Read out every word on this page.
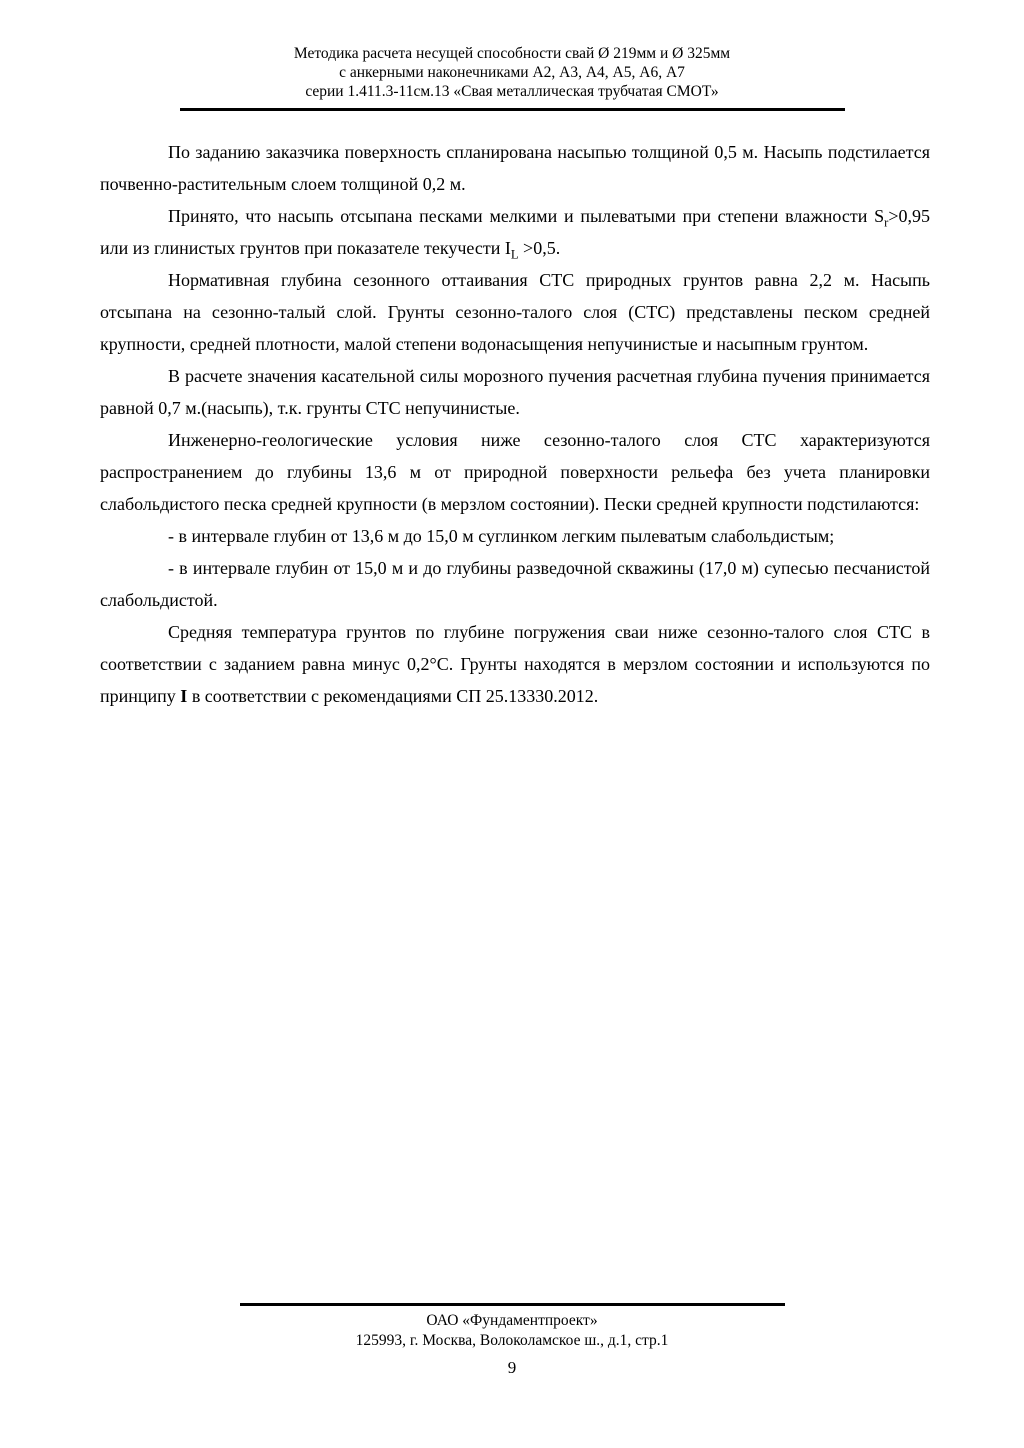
Методика расчета несущей способности свай Ø 219мм и Ø 325мм
с анкерными наконечниками А2, А3, А4, А5, А6, А7
серии 1.411.3-11см.13 «Свая металлическая трубчатая СМОТ»

По заданию заказчика поверхность спланирована насыпью толщиной 0,5 м. Насыпь подстилается почвенно-растительным слоем толщиной 0,2 м.

Принято, что насыпь отсыпана песками мелкими и пылеватыми при степени влажности $S_r>0,95$ или из глинистых грунтов при показателе текучести $I_L >0,5$.

Нормативная глубина сезонного оттаивания СТС природных грунтов равна 2,2 м. Насыпь отсыпана на сезонно-талый слой. Грунты сезонно-талого слоя (СТС) представлены песком средней крупности, средней плотности, малой степени водонасыщения непучинистые и насыпным грунтом.

В расчете значения касательной силы морозного пучения расчетная глубина пучения принимается равной 0,7 м.(насыпь), т.к. грунты СТС непучинистые.

Инженерно-геологические условия ниже сезонно-талого слоя СТС характеризуются распространением до глубины 13,6 м от природной поверхности рельефа без учета планировки слабольдистого песка средней крупности (в мерзлом состоянии). Пески средней крупности подстилаются:

- в интервале глубин от 13,6 м до 15,0 м суглинком легким пылеватым слабольдистым;

- в интервале глубин от 15,0 м и до глубины разведочной скважины (17,0 м) супесью песчанистой слабольдистой.

Средняя температура грунтов по глубине погружения сваи ниже сезонно-талого слоя СТС в соответствии с заданием равна минус 0,2°С. Грунты находятся в мерзлом состоянии и используются по принципу I в соответствии с рекомендациями СП 25.13330.2012.

ОАО «Фундаментпроект»
125993, г. Москва, Волоколамское ш., д.1, стр.1
9
